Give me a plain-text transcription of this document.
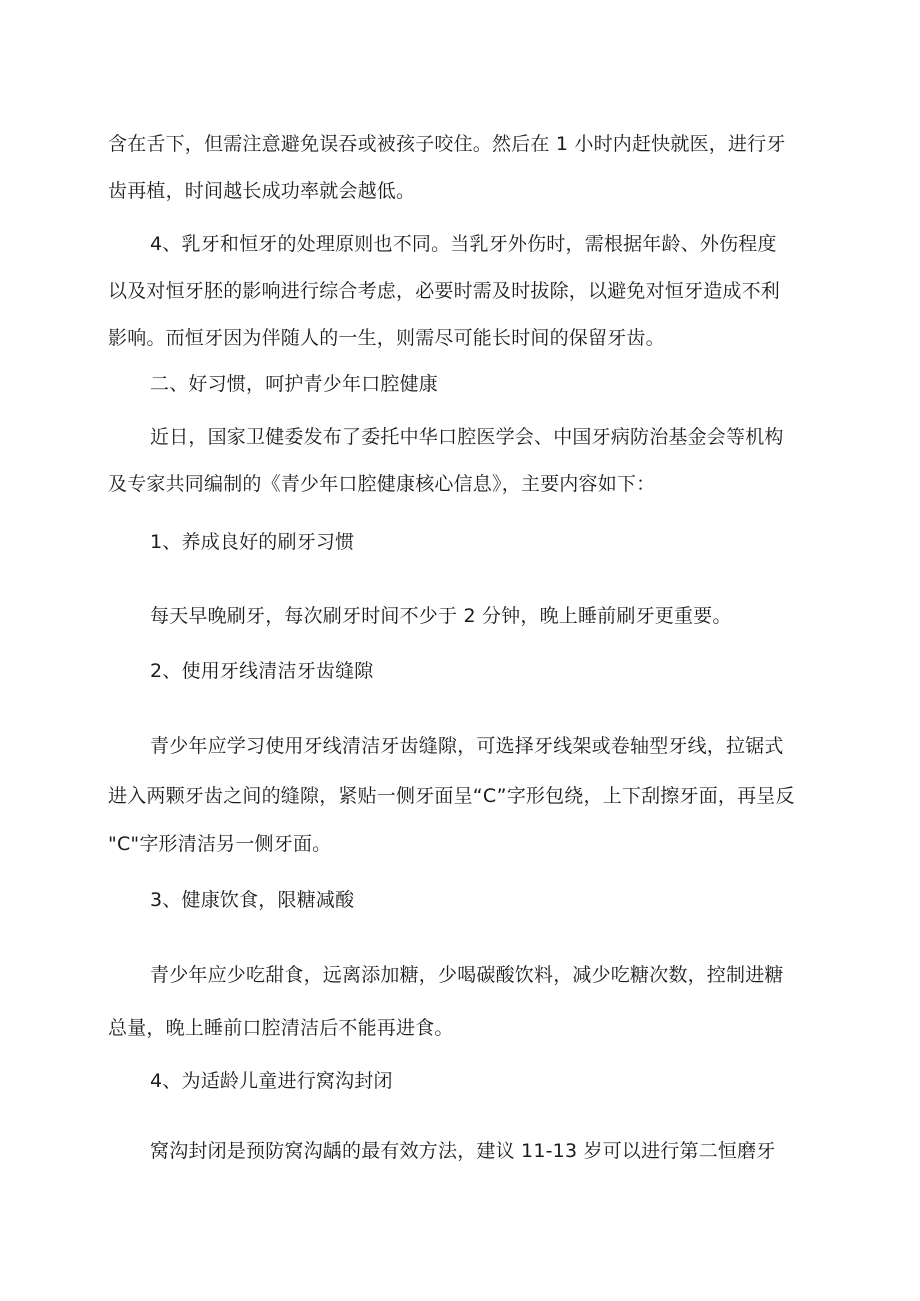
含在舌下，但需注意避免误吞或被孩子咬住。然后在 1 小时内赶快就医，进行牙
齿再植，时间越长成功率就会越低。
4、乳牙和恒牙的处理原则也不同。当乳牙外伤时，需根据年龄、外伤程度
以及对恒牙胚的影响进行综合考虑，必要时需及时拔除，以避免对恒牙造成不利
影响。而恒牙因为伴随人的一生，则需尽可能长时间的保留牙齿。
二、好习惯，呵护青少年口腔健康
近日，国家卫健委发布了委托中华口腔医学会、中国牙病防治基金会等机构
及专家共同编制的《青少年口腔健康核心信息》，主要内容如下：
1、养成良好的刷牙习惯
每天早晚刷牙，每次刷牙时间不少于 2 分钟，晚上睡前刷牙更重要。
2、使用牙线清洁牙齿缝隙
青少年应学习使用牙线清洁牙齿缝隙，可选择牙线架或卷轴型牙线，拉锯式
进入两颗牙齿之间的缝隙，紧贴一侧牙面呈“C”字形包绕，上下刮擦牙面，再呈反
"C"字形清洁另一侧牙面。
3、健康饮食，限糖减酸
青少年应少吃甜食，远离添加糖，少喝碳酸饮料，减少吃糖次数，控制进糖
总量，晚上睡前口腔清洁后不能再进食。
4、为适龄儿童进行窝沟封闭
窝沟封闭是预防窝沟龋的最有效方法，建议 11-13 岁可以进行第二恒磨牙
